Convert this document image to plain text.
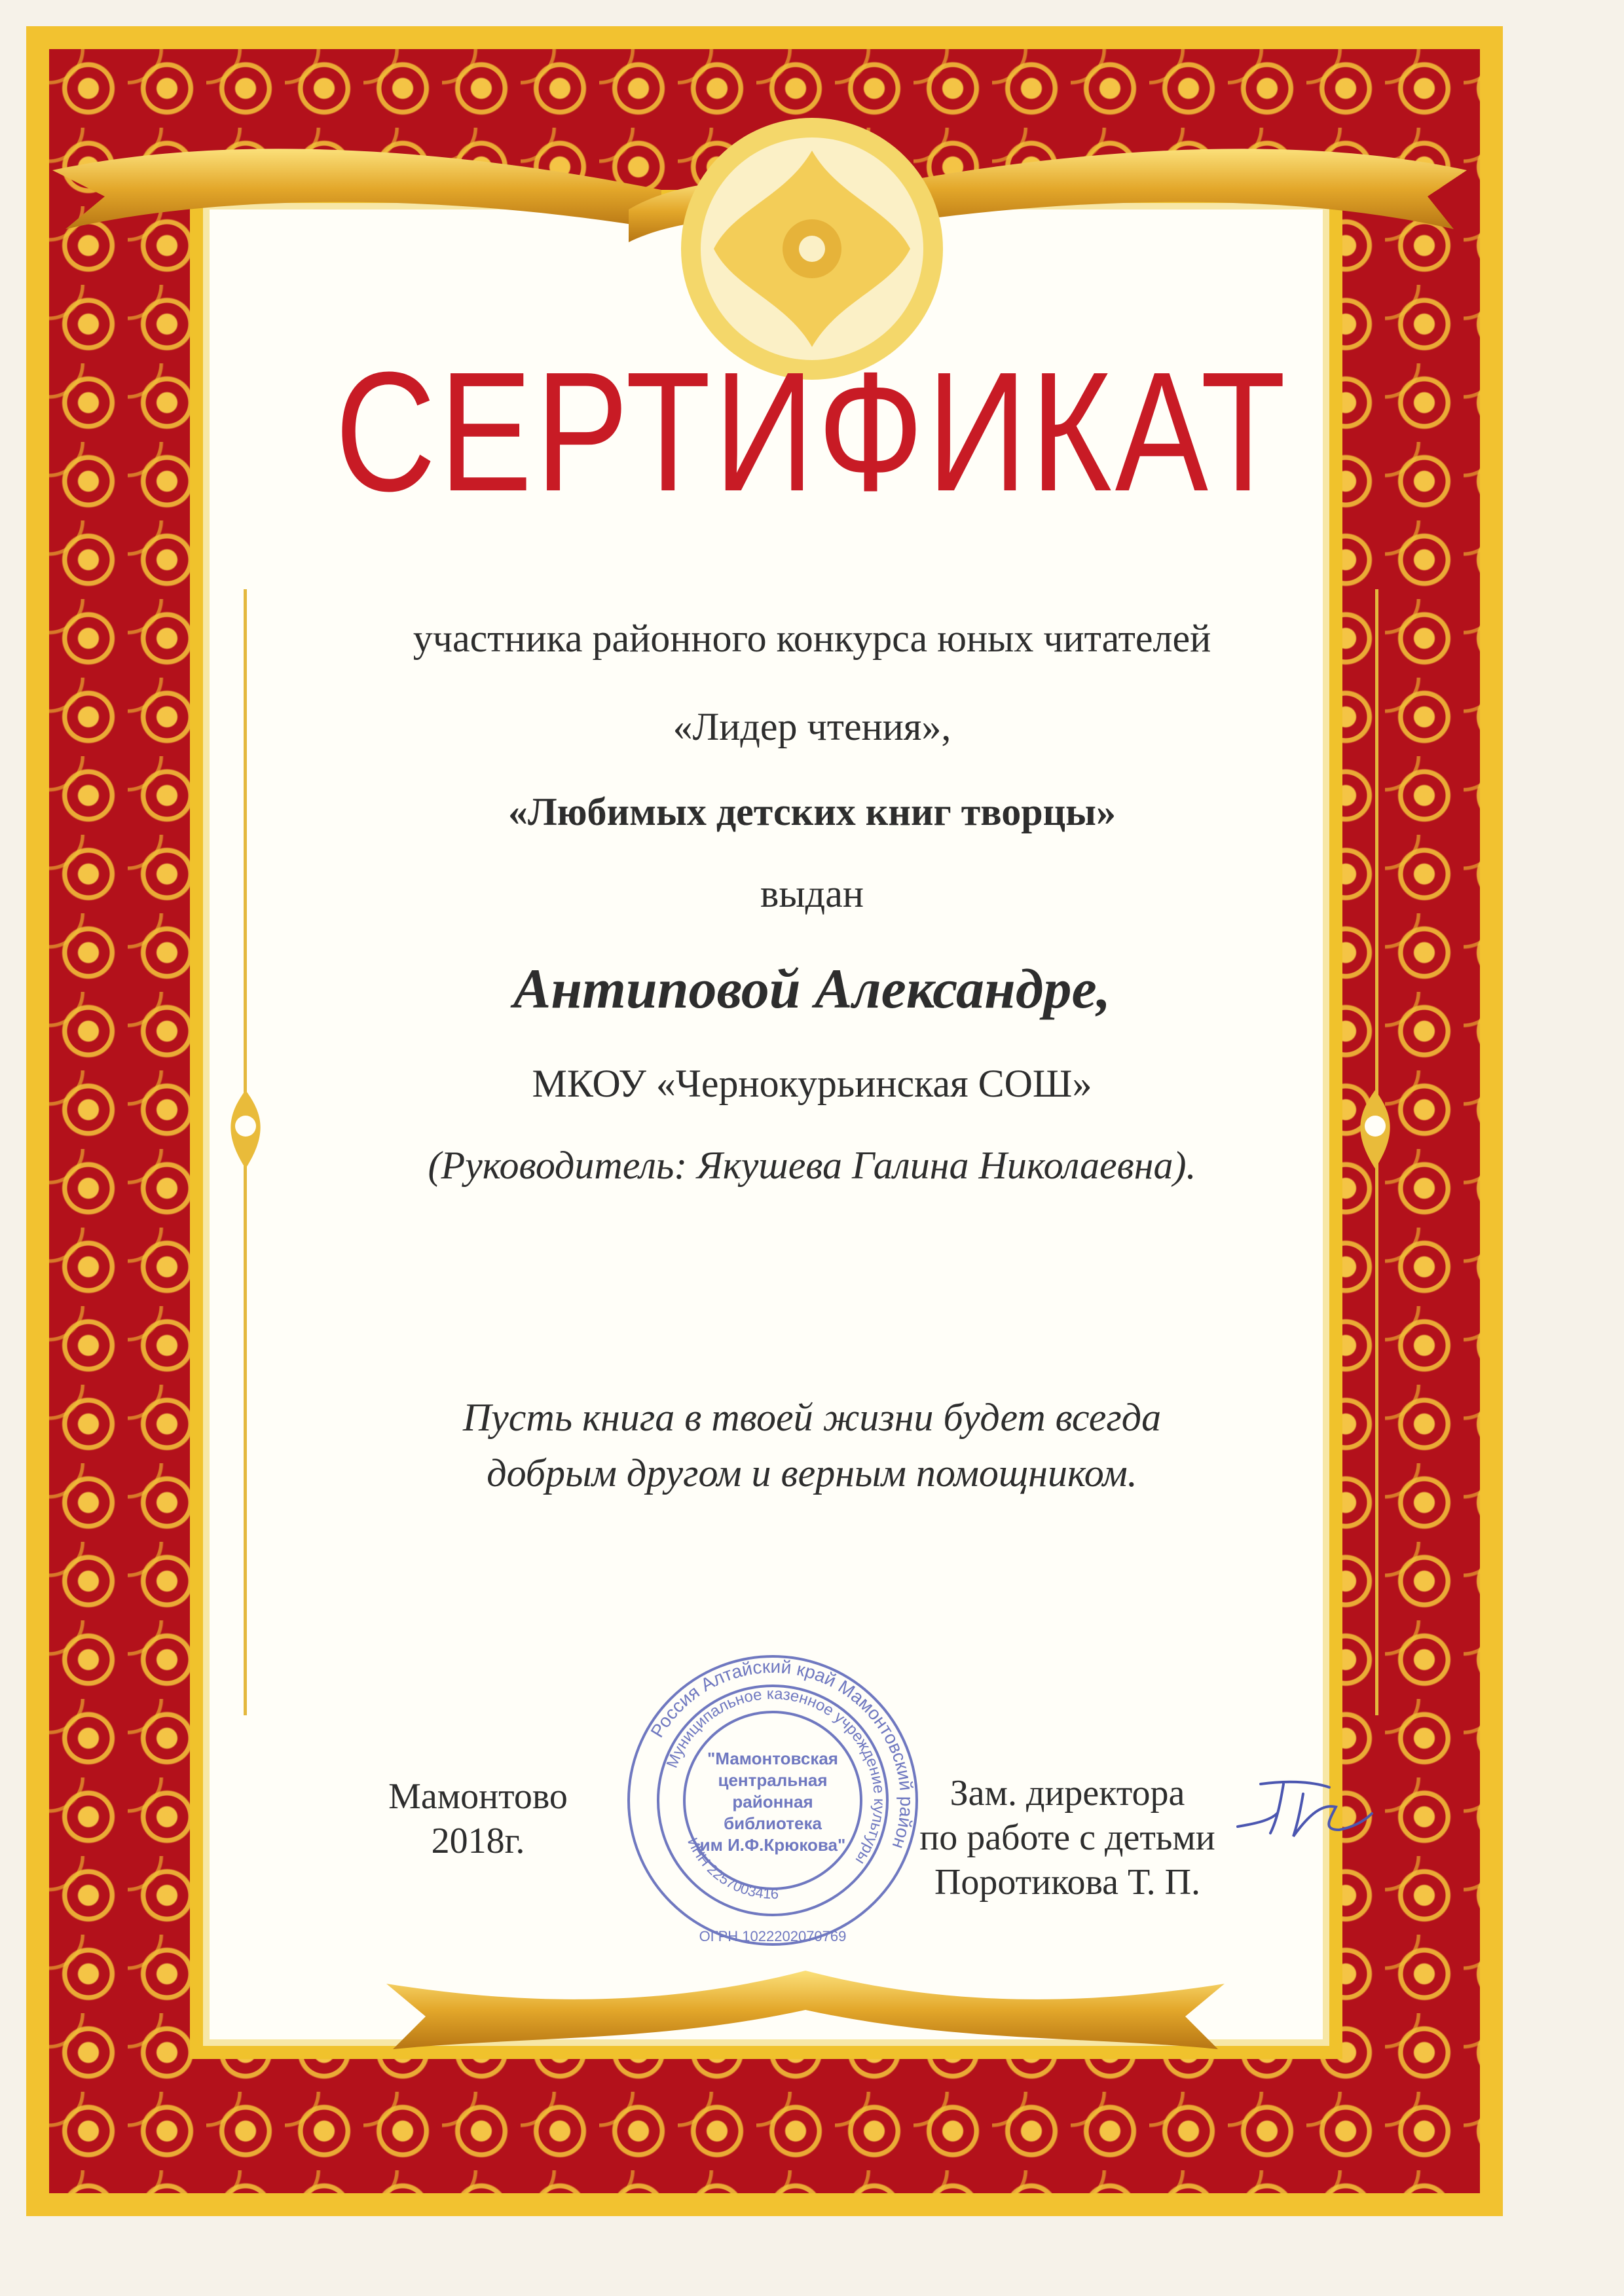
СЕРТИФИКАТ
участника районного конкурса юных читателей
«Лидер чтения»,
«Любимых детских книг творцы»
выдан
Антиповой Александре,
МКОУ «Чернокурьинская СОШ»
(Руководитель: Якушева Галина Николаевна).
Пусть книга в твоей жизни будет всегда
добрым другом и верным помощником.
Мамонтово
2018г.
Зам. директора
по работе с детьми
Поротикова Т. П.
Россия Алтайский край Мамонтовский район
Муниципальное казенное учреждение культуры
ИНН 2257003416
ОГРН 1022202070769
"Мамонтовская
центральная
районная
библиотека
им И.Ф.Крюкова"
